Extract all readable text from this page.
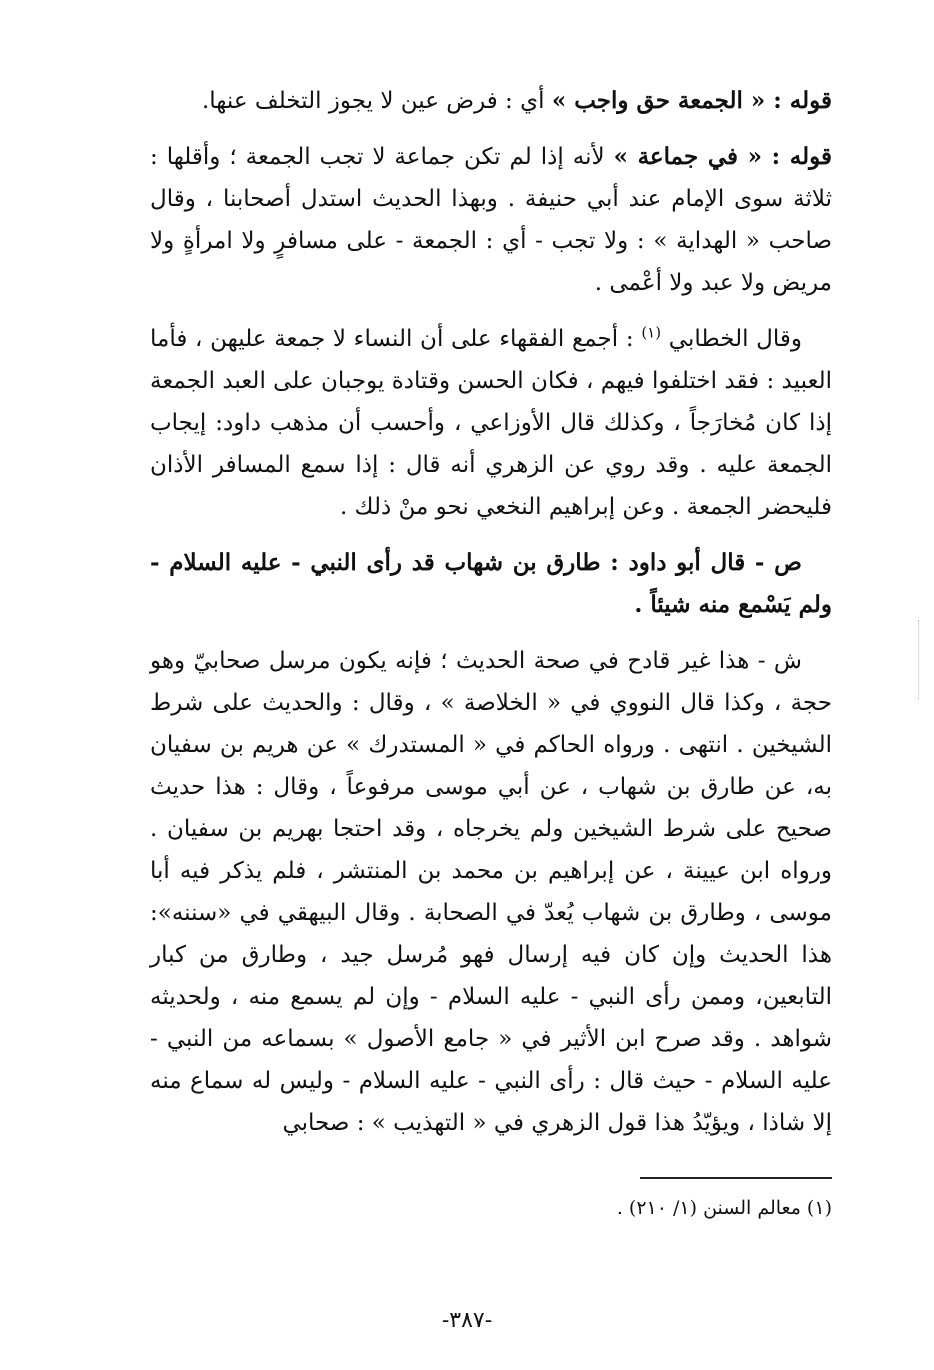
قوله : « الجمعة حق واجب » أي : فرض عين لا يجوز التخلف عنها.

قوله : « في جماعة » لأنه إذا لم تكن جماعة لا تجب الجمعة ؛ وأقلها : ثلاثة سوى الإمام عند أبي حنيفة . وبهذا الحديث استدل أصحابنا ، وقال صاحب « الهداية » : ولا تجب - أي : الجمعة - على مسافرٍ ولا امرأةٍ ولا مريض ولا عبد ولا أعْمى .

وقال الخطابي $^{(١)}$ : أجمع الفقهاء على أن النساء لا جمعة عليهن ، فأما العبيد : فقد اختلفوا فيهم ، فكان الحسن وقتادة يوجبان على العبد الجمعة إذا كان مُخارَجاً ، وكذلك قال الأوزاعي ، وأحسب أن مذهب داود: إيجاب الجمعة عليه . وقد روي عن الزهري أنه قال : إذا سمع المسافر الأذان فليحضر الجمعة . وعن إبراهيم النخعي نحو منْ ذلك .

ص - قال أبو داود : طارق بن شهاب قد رأى النبي - عليه السلام - ولم يَسْمع منه شيئاً .

ش - هذا غير قادح في صحة الحديث ؛ فإنه يكون مرسل صحابيّ وهو حجة ، وكذا قال النووي في « الخلاصة » ، وقال : والحديث على شرط الشيخين . انتهى . ورواه الحاكم في « المستدرك » عن هريم بن سفيان به، عن طارق بن شهاب ، عن أبي موسى مرفوعاً ، وقال : هذا حديث صحيح على شرط الشيخين ولم يخرجاه ، وقد احتجا بهريم بن سفيان . ورواه ابن عيينة ، عن إبراهيم بن محمد بن المنتشر ، فلم يذكر فيه أبا موسى ، وطارق بن شهاب يُعدّ في الصحابة . وقال البيهقي في «سننه»: هذا الحديث وإن كان فيه إرسال فهو مُرسل جيد ، وطارق من كبار التابعين، وممن رأى النبي - عليه السلام - وإن لم يسمع منه ، ولحديثه شواهد . وقد صرح ابن الأثير في « جامع الأصول » بسماعه من النبي - عليه السلام - حيث قال : رأى النبي - عليه السلام - وليس له سماع منه إلا شاذا ، ويؤيّدُ هذا قول الزهري في « التهذيب » : صحابي

(١) معالم السنن (١/ ٢١٠) .
-٣٨٧-
